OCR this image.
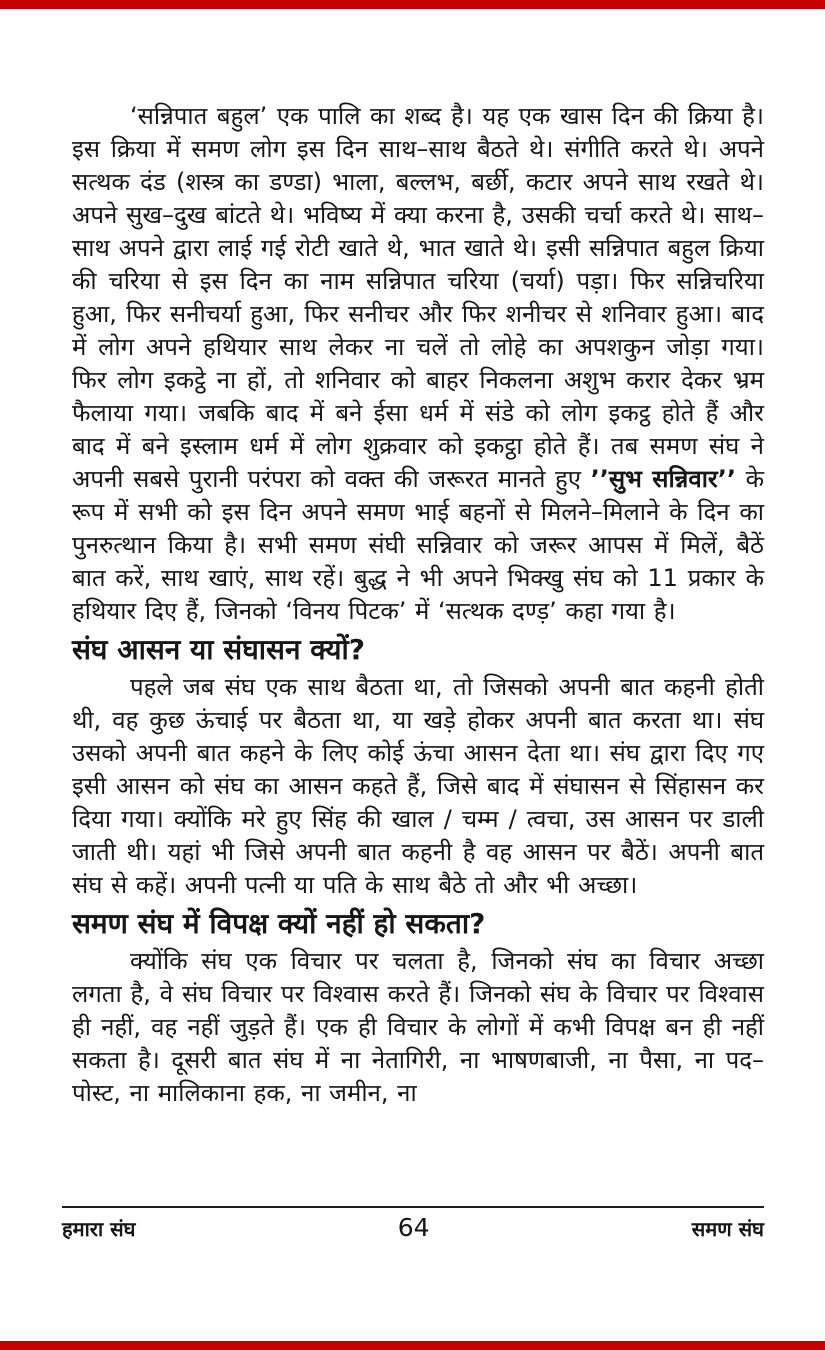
‘सन्निपात बहुल’ एक पालि का शब्द है। यह एक खास दिन की क्रिया है। इस क्रिया में समण लोग इस दिन साथ–साथ बैठते थे। संगीति करते थे। अपने सत्थक दंड (शस्त्र का डण्डा) भाला, बल्लभ, बर्छी, कटार अपने साथ रखते थे। अपने सुख–दुख बांटते थे। भविष्य में क्या करना है, उसकी चर्चा करते थे। साथ–साथ अपने द्वारा लाई गई रोटी खाते थे, भात खाते थे। इसी सन्निपात बहुल क्रिया की चरिया से इस दिन का नाम सन्निपात चरिया (चर्या) पड़ा। फिर सन्निचरिया हुआ, फिर सनीचर्या हुआ, फिर सनीचर और फिर शनीचर से शनिवार हुआ। बाद में लोग अपने हथियार साथ लेकर ना चलें तो लोहे का अपशकुन जोड़ा गया। फिर लोग इकट्ठे ना हों, तो शनिवार को बाहर निकलना अशुभ करार देकर भ्रम फैलाया गया। जबकि बाद में बने ईसा धर्म में संडे को लोग इकट्ठ होते हैं और बाद में बने इस्लाम धर्म में लोग शुक्रवार को इकट्ठा होते हैं। तब समण संघ ने अपनी सबसे पुरानी परंपरा को वक्त की जरूरत मानते हुए ’’सुभ सन्निवार’’ के रूप में सभी को इस दिन अपने समण भाई बहनों से मिलने–मिलाने के दिन का पुनरुत्थान किया है। सभी समण संघी सन्निवार को जरूर आपस में मिलें, बैठें बात करें, साथ खाएं, साथ रहें। बुद्ध ने भी अपने भिक्खु संघ को 11 प्रकार के हथियार दिए हैं, जिनको ‘विनय पिटक’ में ‘सत्थक दण्ड़’ कहा गया है।

संघ आसन या संघासन क्यों?

पहले जब संघ एक साथ बैठता था, तो जिसको अपनी बात कहनी होती थी, वह कुछ ऊंचाई पर बैठता था, या खड़े होकर अपनी बात करता था। संघ उसको अपनी बात कहने के लिए कोई ऊंचा आसन देता था। संघ द्वारा दिए गए इसी आसन को संघ का आसन कहते हैं, जिसे बाद में संघासन से सिंहासन कर दिया गया। क्योंकि मरे हुए सिंह की खाल / चम्म / त्वचा, उस आसन पर डाली जाती थी। यहां भी जिसे अपनी बात कहनी है वह आसन पर बैठें। अपनी बात संघ से कहें। अपनी पत्नी या पति के साथ बैठे तो और भी अच्छा।

समण संघ में विपक्ष क्यों नहीं हो सकता?

क्योंकि संघ एक विचार पर चलता है, जिनको संघ का विचार अच्छा लगता है, वे संघ विचार पर विश्वास करते हैं। जिनको संघ के विचार पर विश्वास ही नहीं, वह नहीं जुड़ते हैं। एक ही विचार के लोगों में कभी विपक्ष बन ही नहीं सकता है। दूसरी बात संघ में ना नेतागिरी, ना भाषणबाजी, ना पैसा, ना पद–पोस्ट, ना मालिकाना हक, ना जमीन, ना

हमारा संघ	64	समण संघ
